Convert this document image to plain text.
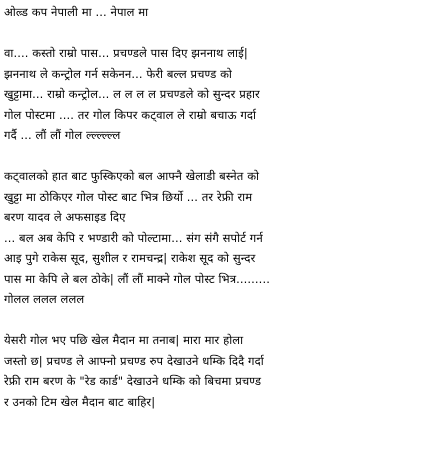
ओल्र्ड कप नेपाली मा ... नेपाल मा
वा.... कस्तो राम्रो पास... प्रचण्डले पास दिए झननाथ लाई|
झननाथ ले कन्ट्रोल गर्न सकेनन... फेरी बल्ल प्रचण्ड को
खुट्टामा... राम्रो कन्ट्रोल... ल ल ल ल प्रचण्डले को सुन्दर प्रहार
गोल पोस्टमा .... तर गोल किपर कट्वाल ले राम्रो बचाऊ गर्दा
गर्दै ... लौं लौं गोल ल्ल्ल्ल्ल्ल
कट्वालको हात बाट फुस्किएको बल आफ्नै खेलाडी बस्नेत को
खुट्टा मा ठोकिएर गोल पोस्ट बाट भित्र छिर्यो ... तर रेफ्री राम
बरण यादव ले अफसाइड दिए
... बल अब केपि र भण्डारी को पोल्टामा... संग संगै सपोर्ट गर्न
आइ पुगे राकेस सूद, सुशील र रामचन्द्र| राकेश सूद को सुन्दर
पास मा केपि ले बल ठोके| लौं लौं माक्ने गोल पोस्ट भित्र.........
गोलल ललल ललल
येसरी गोल भए पछि खेल मैदान मा तनाब| मारा मार होला
जस्तो छ| प्रचण्ड ले आफ्नो प्रचण्ड रुप देखाउने धम्कि दिदै गर्दा
रेफ्री राम बरण के "रेड कार्ड" देखाउने धम्कि को बिचमा प्रचण्ड
र उनको टिम खेल मैदान बाट बाहिर|
